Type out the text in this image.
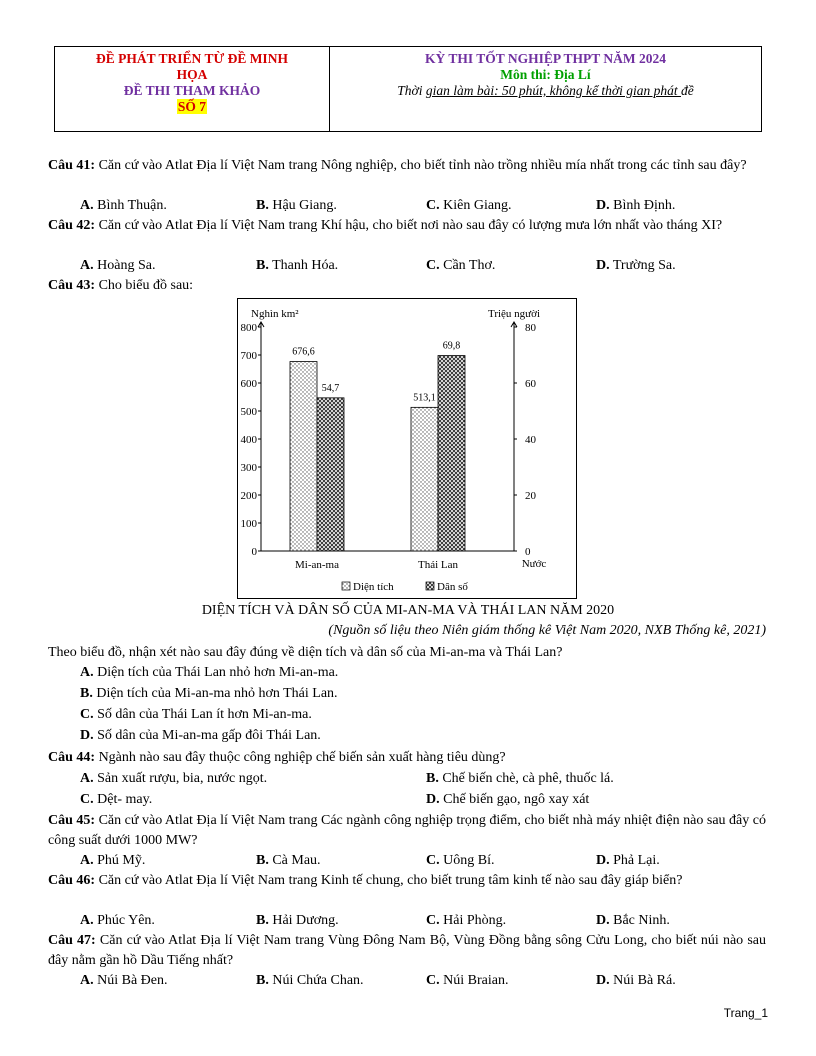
ĐỀ PHÁT TRIỂN TỪ ĐỀ MINH
HỌA
ĐỀ THI THAM KHẢO
SỐ 7
KỲ THI TỐT NGHIỆP THPT NĂM 2024
Môn thi: Địa Lí
Thời gian làm bài: 50 phút, không kể thời gian phát đề
Câu 41: Căn cứ vào Atlat Địa lí Việt Nam trang Nông nghiệp, cho biết tỉnh nào trồng nhiều mía nhất trong các tỉnh sau đây?
A. Bình Thuận.	B. Hậu Giang.	C. Kiên Giang.	D. Bình Định.
Câu 42: Căn cứ vào Atlat Địa lí Việt Nam trang Khí hậu, cho biết nơi nào sau đây có lượng mưa lớn nhất vào tháng XI?
A. Hoàng Sa.	B. Thanh Hóa.	C. Cần Thơ.	D. Trường Sa.
Câu 43: Cho biểu đồ sau:
Nghìn km²	Triệu người
0
100
200
300
400
500
600
700
800
0
20
40
60
80
676,6
54,7
Mi-an-ma
513,1
69,8
Thái Lan	Nước
Diện tích	Dân số
DIỆN TÍCH VÀ DÂN SỐ CỦA MI-AN-MA VÀ THÁI LAN NĂM 2020
(Nguồn số liệu theo Niên giám thống kê Việt Nam 2020, NXB Thống kê, 2021)
Theo biểu đồ, nhận xét nào sau đây đúng về diện tích và dân số của Mi-an-ma và Thái Lan?
A. Diện tích của Thái Lan nhỏ hơn Mi-an-ma.
B. Diện tích của Mi-an-ma nhỏ hơn Thái Lan.
C. Số dân của Thái Lan ít hơn Mi-an-ma.
D. Số dân của Mi-an-ma gấp đôi Thái Lan.
Câu 44: Ngành nào sau đây thuộc công nghiệp chế biến sản xuất hàng tiêu dùng?
A. Sản xuất rượu, bia, nước ngọt.	B. Chế biến chè, cà phê, thuốc lá.
C. Dệt- may.	D. Chế biến gạo, ngô xay xát
Câu 45: Căn cứ vào Atlat Địa lí Việt Nam trang Các ngành công nghiệp trọng điểm, cho biết nhà máy nhiệt điện nào sau đây có công suất dưới 1000 MW?
A. Phú Mỹ.	B. Cà Mau.	C. Uông Bí.	D. Phả Lại.
Câu 46: Căn cứ vào Atlat Địa lí Việt Nam trang Kinh tế chung, cho biết trung tâm kinh tế nào sau đây giáp biển?
A. Phúc Yên.	B. Hải Dương.	C. Hải Phòng.	D. Bắc Ninh.
Câu 47: Căn cứ vào Atlat Địa lí Việt Nam trang Vùng Đông Nam Bộ, Vùng Đồng bằng sông Cửu Long, cho biết núi nào sau đây nằm gần hồ Dầu Tiếng nhất?
A. Núi Bà Đen.	B. Núi Chứa Chan.	C. Núi Braian.	D. Núi Bà Rá.
Trang_1
